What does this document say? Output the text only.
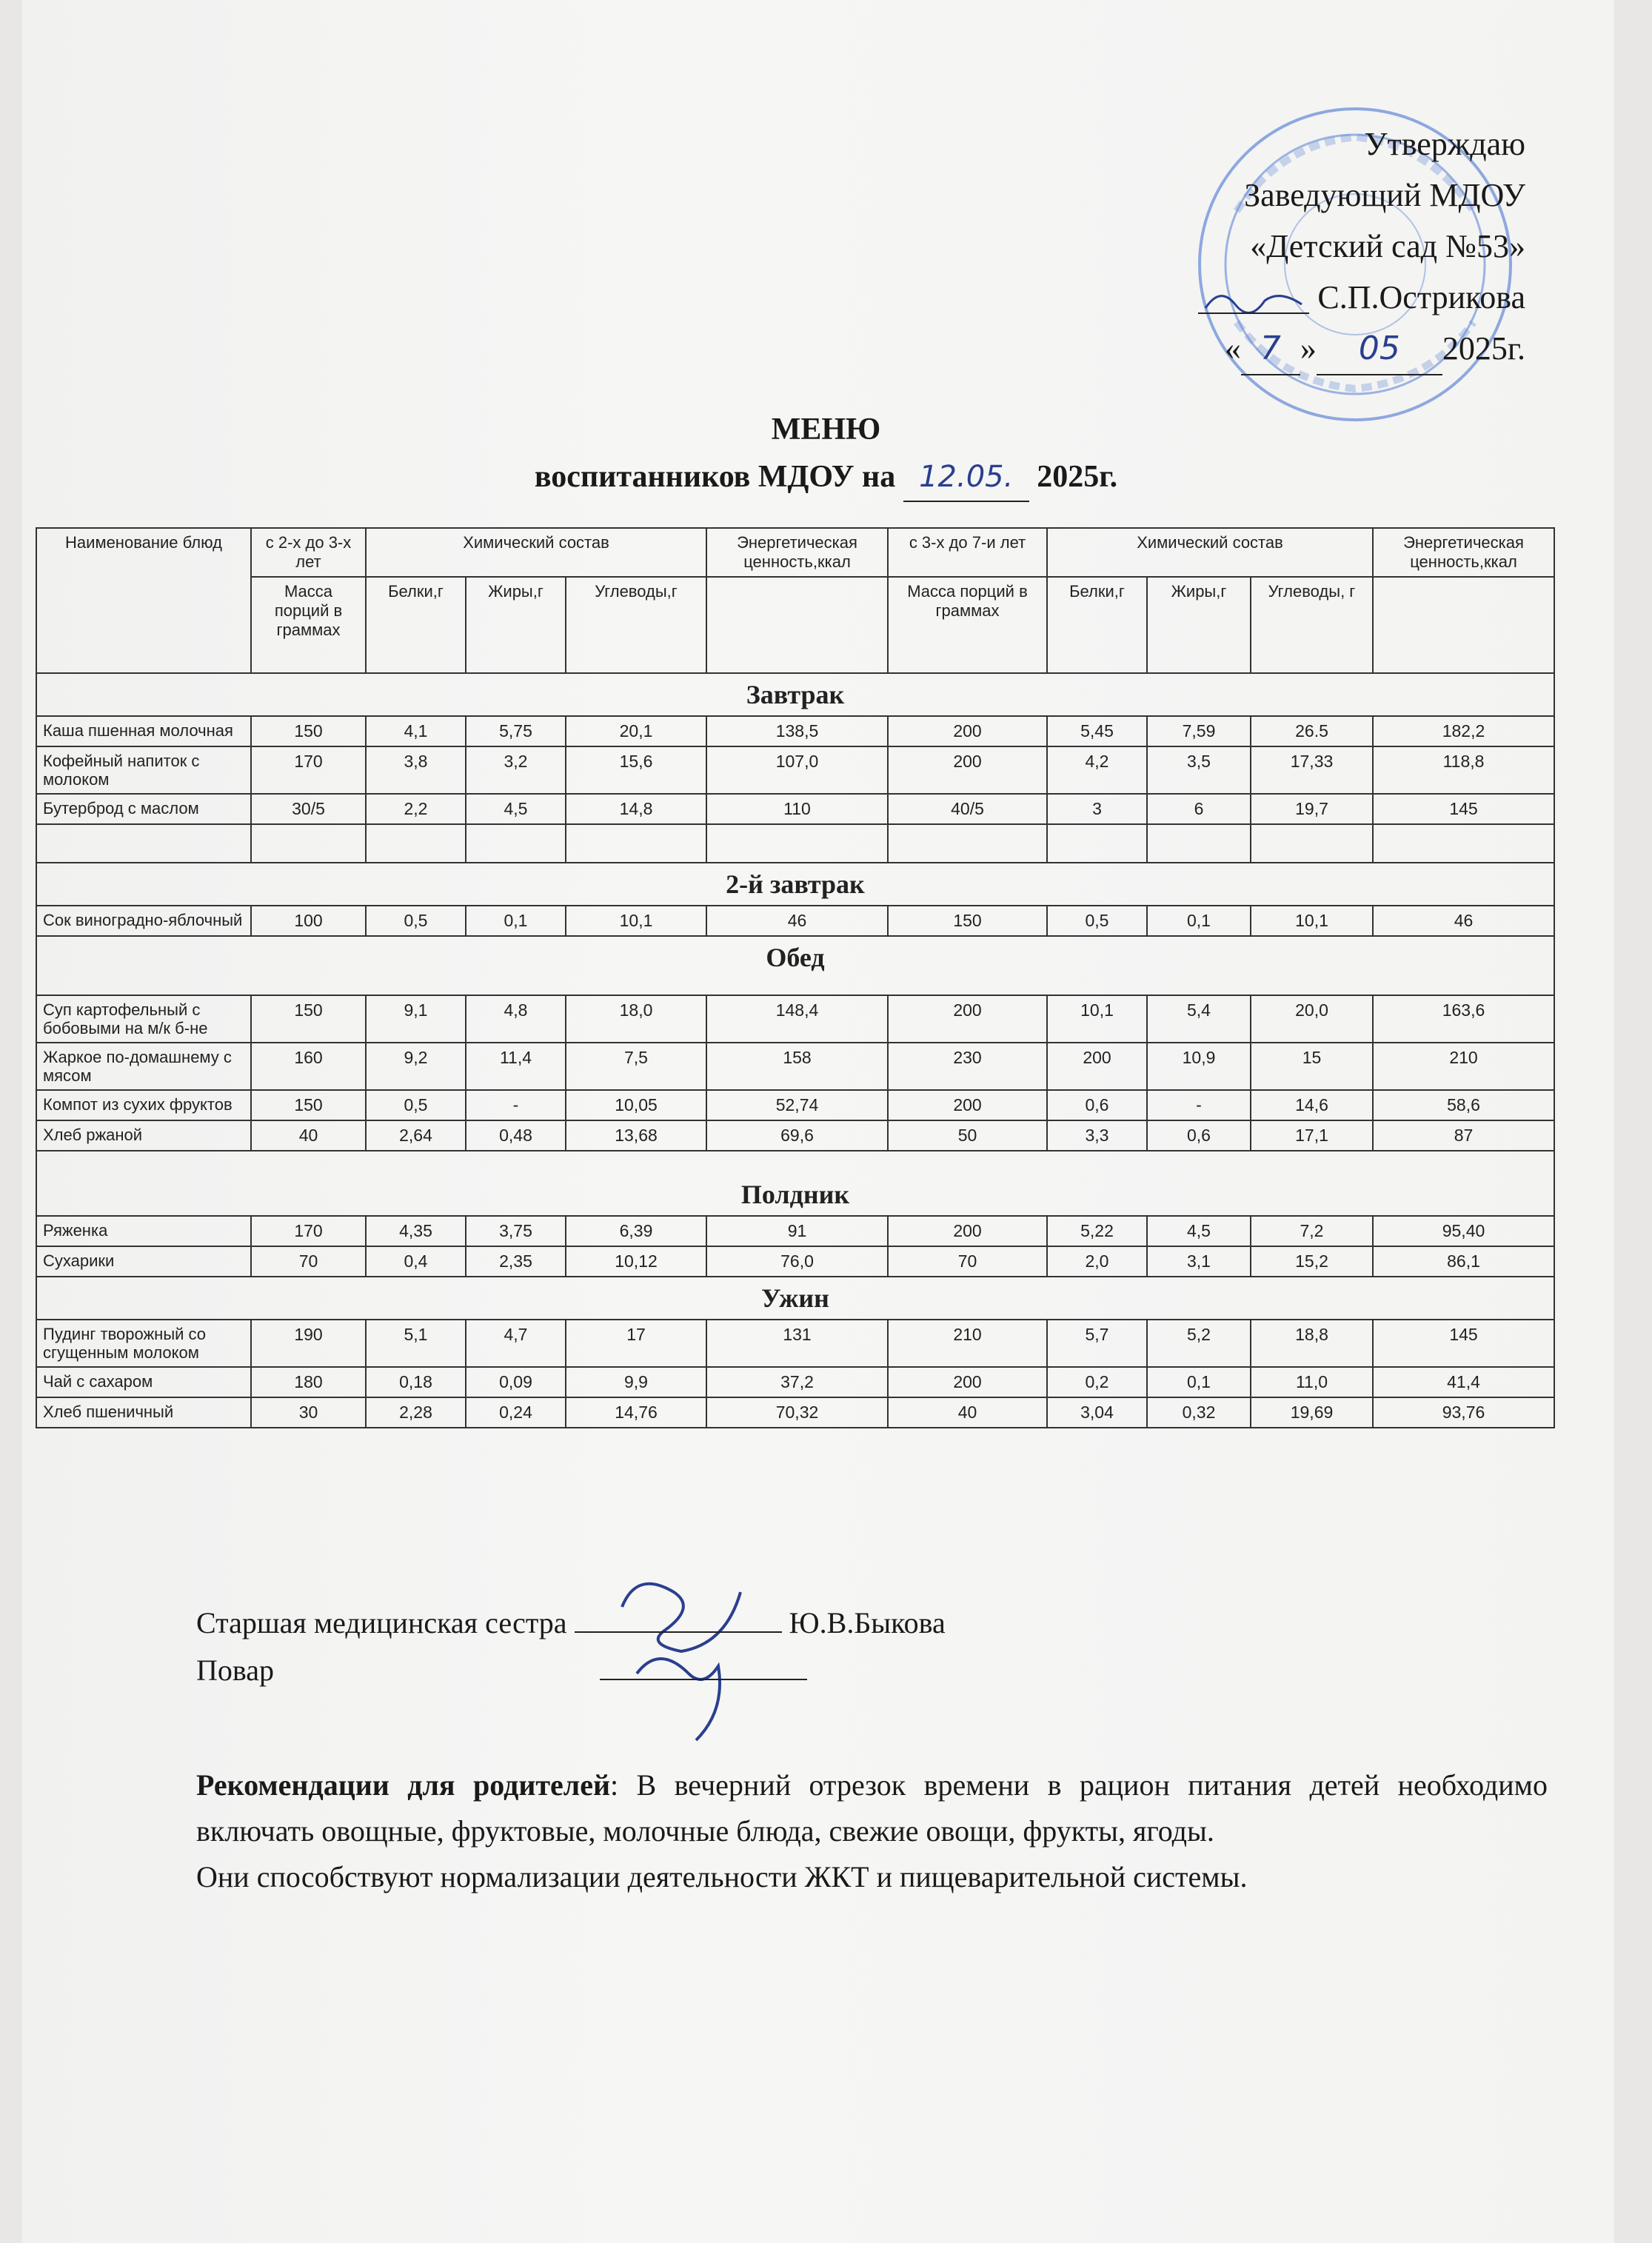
Утверждаю
Заведующий МДОУ
«Детский сад №53»
С.П.Острикова
« 7 » 05 2025г.
МЕНЮ
воспитанников МДОУ на 12.05. 2025г.
Наименование блюд	с 2-х до 3-х лет	Химический состав			Энергетическая ценность,ккал	с 3-х до 7-и лет	Химический состав			Энергетическая ценность,ккал
	Масса порций в граммах	Белки,г	Жиры,г	Углеводы,г		Масса порций в граммах	Белки,г	Жиры,г	Углеводы, г	
Завтрак										
Каша пшенная молочная	150	4,1	5,75	20,1	138,5	200	5,45	7,59	26.5	182,2
Кофейный напиток с молоком	170	3,8	3,2	15,6	107,0	200	4,2	3,5	17,33	118,8
Бутерброд с маслом	30/5	2,2	4,5	14,8	110	40/5	3	6	19,7	145

2-й завтрак										
Сок виноградно-яблочный	100	0,5	0,1	10,1	46	150	0,5	0,1	10,1	46
Обед										
Суп картофельный с бобовыми на м/к б-не	150	9,1	4,8	18,0	148,4	200	10,1	5,4	20,0	163,6
Жаркое по-домашнему с мясом	160	9,2	11,4	7,5	158	230	200	10,9	15	210
Компот из сухих фруктов	150	0,5	-	10,05	52,74	200	0,6	-	14,6	58,6
Хлеб ржаной	40	2,64	0,48	13,68	69,6	50	3,3	0,6	17,1	87
Полдник										
Ряженка	170	4,35	3,75	6,39	91	200	5,22	4,5	7,2	95,40
Сухарики	70	0,4	2,35	10,12	76,0	70	2,0	3,1	15,2	86,1
Ужин										
Пудинг творожный со сгущенным молоком	190	5,1	4,7	17	131	210	5,7	5,2	18,8	145
Чай с сахаром	180	0,18	0,09	9,9	37,2	200	0,2	0,1	11,0	41,4
Хлеб пшеничный	30	2,28	0,24	14,76	70,32	40	3,04	0,32	19,69	93,76
Старшая медицинская сестра	Ю.В.Быкова
Повар
Рекомендации для родителей: В вечерний отрезок времени в рацион питания детей необходимо включать овощные, фруктовые, молочные блюда, свежие овощи, фрукты, ягоды.
Они способствуют нормализации деятельности ЖКТ и пищеварительной системы.
